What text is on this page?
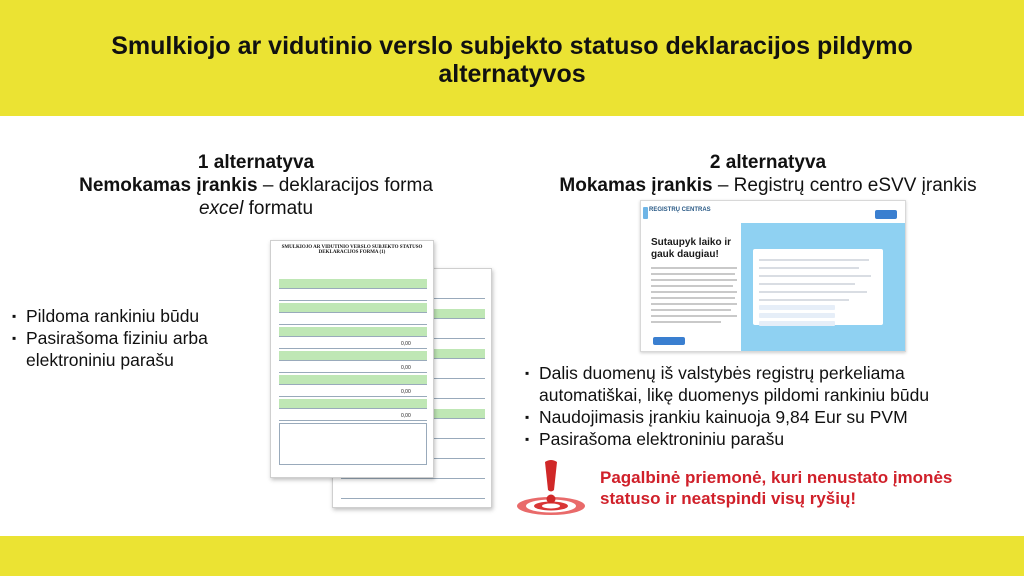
Smulkiojo ar vidutinio verslo subjekto statuso deklaracijos pildymo alternatyvos
1 alternatyva
Nemokamas įrankis – deklaracijos forma
excel formatu
2 alternatyva
Mokamas įrankis – Registrų centro eSVV įrankis
▪ Pildoma rankiniu būdu
▪ Pasirašoma fiziniu arba elektroniniu parašu
SMULKIOJO AR VIDUTINIO VERSLO SUBJEKTO STATUSO DEKLARACIJOS FORMA (1)
0,00
0,00
0,00
0,00
REGISTRŲ CENTRAS
Sutaupyk laiko ir gauk daugiau!
▪ Dalis duomenų iš valstybės registrų perkeliama automatiškai, likę duomenys pildomi rankiniu būdu
▪ Naudojimasis įrankiu kainuoja 9,84 Eur su PVM
▪ Pasirašoma elektroniniu parašu
Pagalbinė priemonė, kuri nenustato įmonės statuso ir neatspindi visų ryšių!
